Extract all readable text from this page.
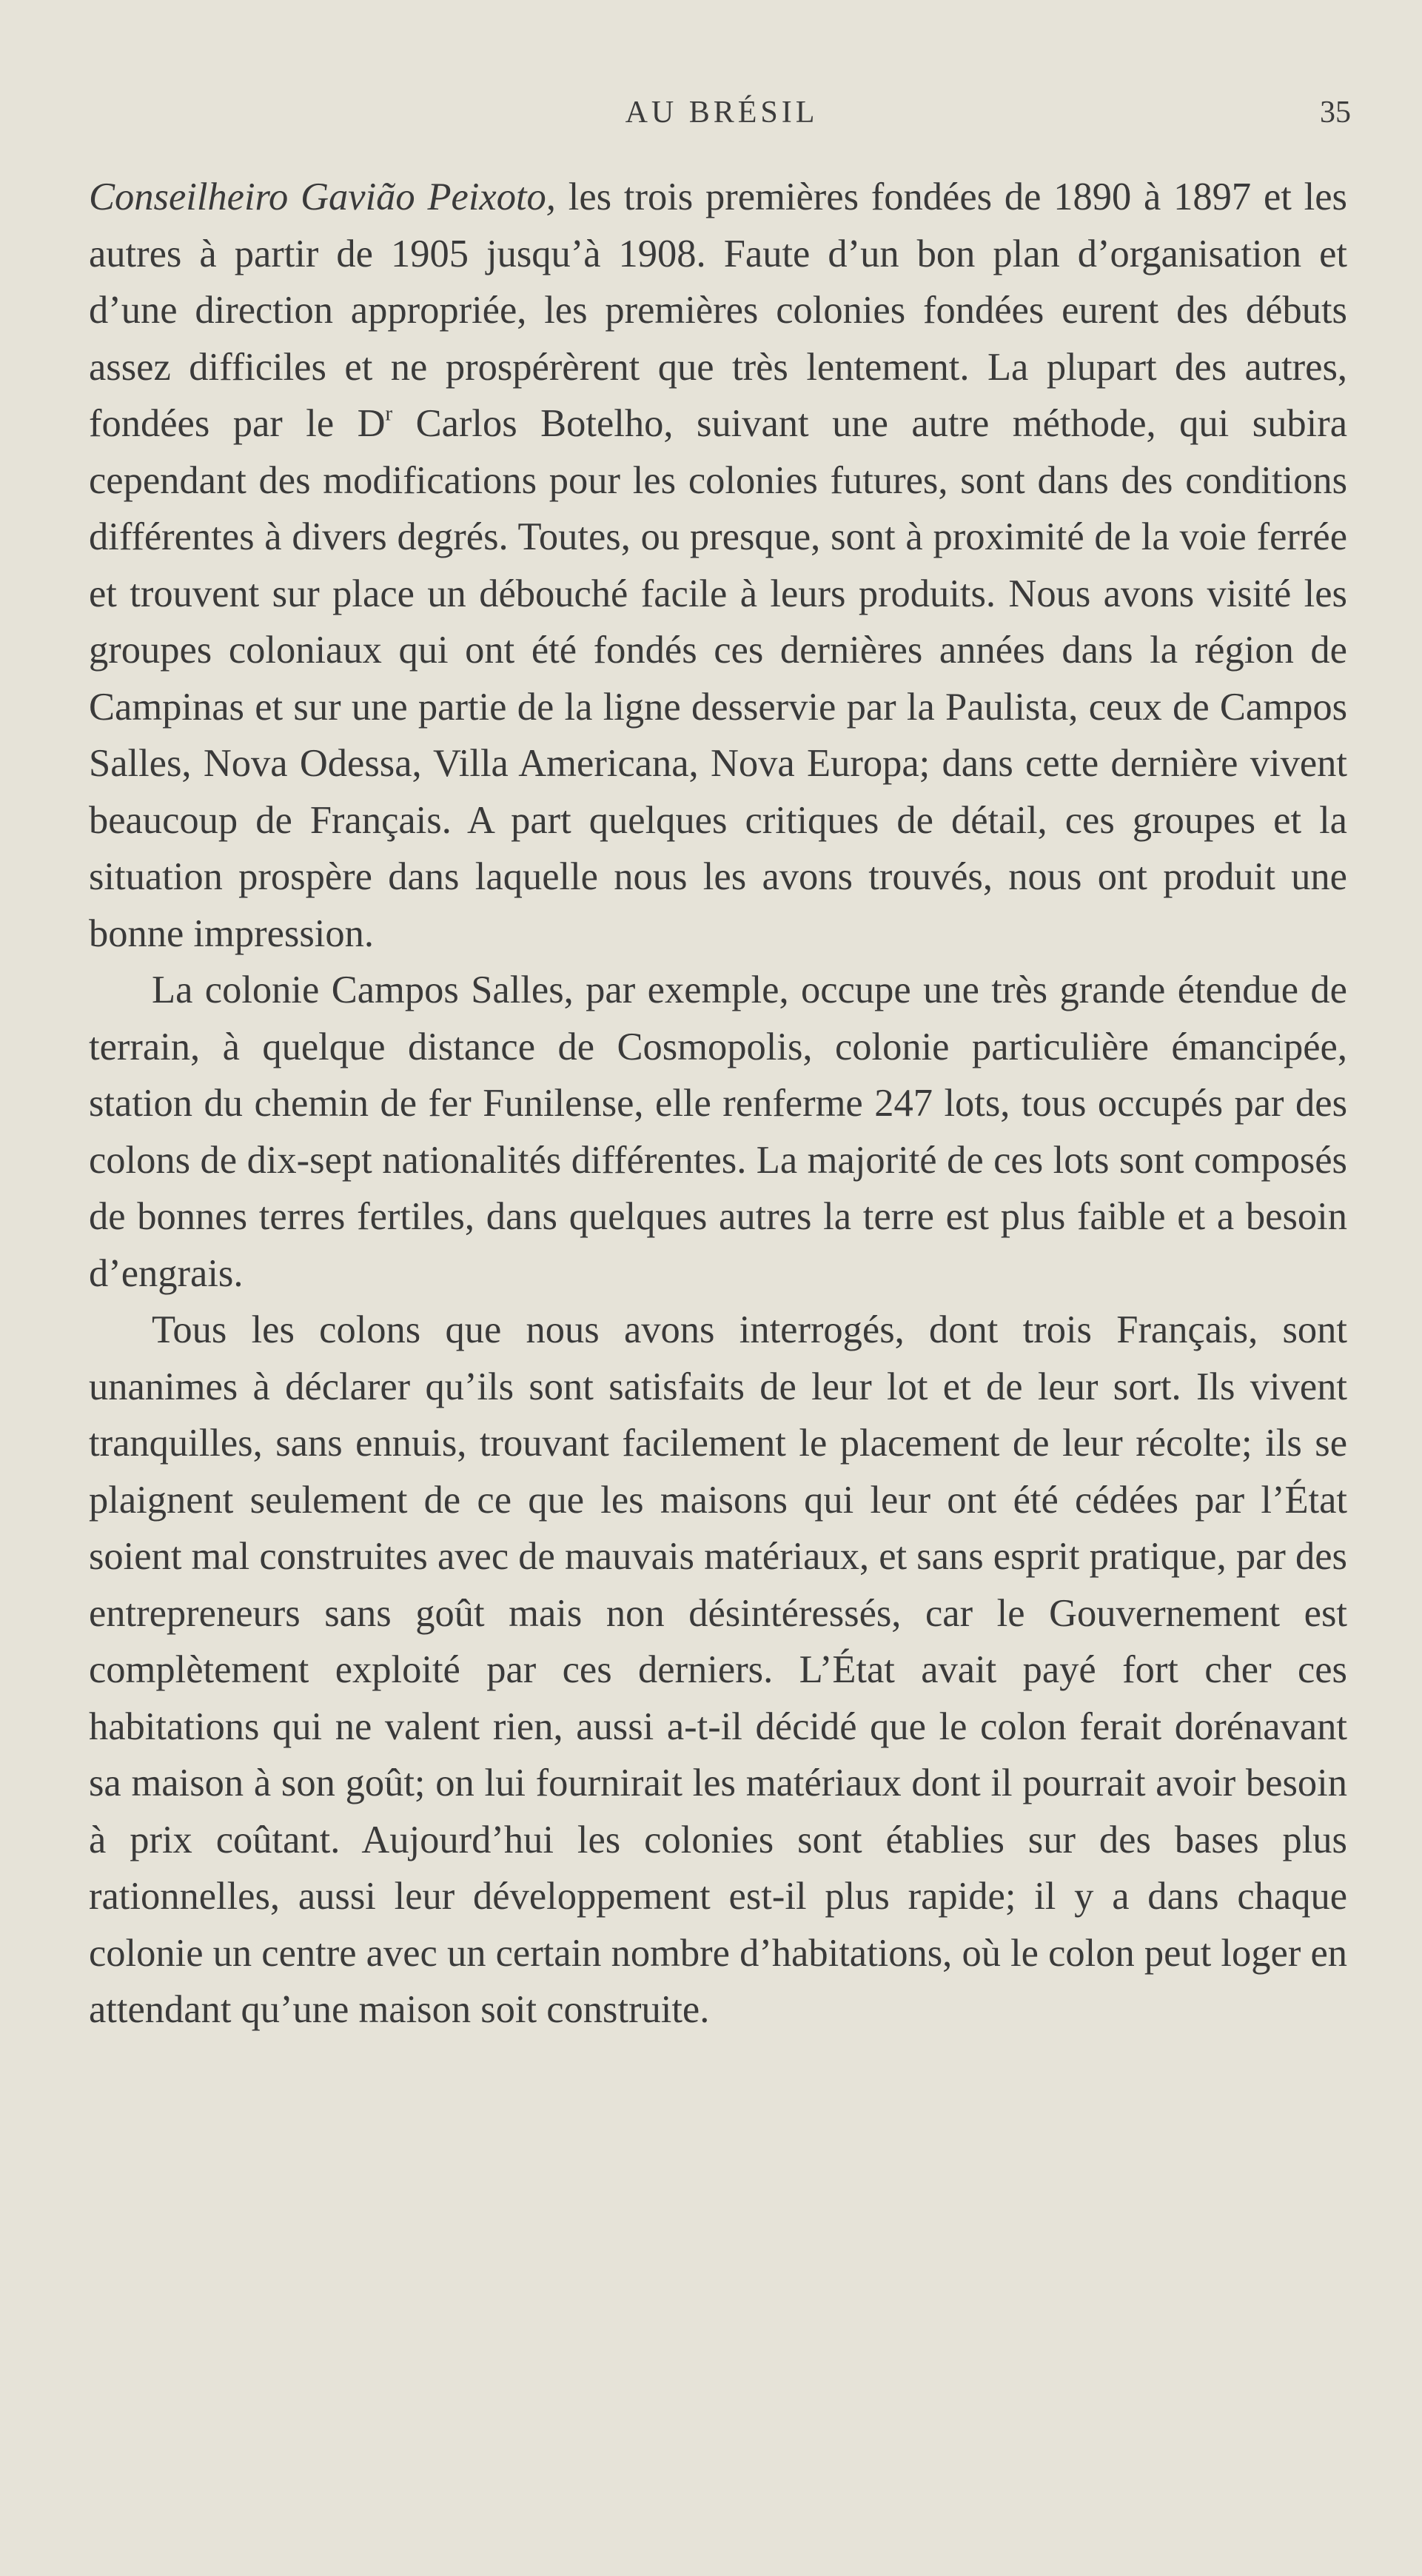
AU BRÉSIL	35

Conseilheiro Gavião Peixoto, les trois premières fondées de 1890 à 1897 et les autres à partir de 1905 jusqu’à 1908. Faute d’un bon plan d’organisation et d’une direction appropriée, les premières colonies fondées eurent des débuts assez difficiles et ne prospérèrent que très lentement. La plupart des autres, fondées par le $D^r$ Carlos Botelho, suivant une autre méthode, qui subira cependant des modifications pour les colonies futures, sont dans des conditions différentes à divers degrés. Toutes, ou presque, sont à proximité de la voie ferrée et trouvent sur place un débouché facile à leurs produits. Nous avons visité les groupes coloniaux qui ont été fondés ces dernières années dans la région de Campinas et sur une partie de la ligne desservie par la Paulista, ceux de Campos Salles, Nova Odessa, Villa Americana, Nova Europa; dans cette dernière vivent beaucoup de Français. A part quelques critiques de détail, ces groupes et la situation prospère dans laquelle nous les avons trouvés, nous ont produit une bonne impression.

La colonie Campos Salles, par exemple, occupe une très grande étendue de terrain, à quelque distance de Cosmopolis, colonie particulière émancipée, station du chemin de fer Funilense, elle renferme 247 lots, tous occupés par des colons de dix-sept nationalités différentes. La majorité de ces lots sont composés de bonnes terres fertiles, dans quelques autres la terre est plus faible et a besoin d’engrais.

Tous les colons que nous avons interrogés, dont trois Français, sont unanimes à déclarer qu’ils sont satisfaits de leur lot et de leur sort. Ils vivent tranquilles, sans ennuis, trouvant facilement le placement de leur récolte; ils se plaignent seulement de ce que les maisons qui leur ont été cédées par l’État soient mal construites avec de mauvais matériaux, et sans esprit pratique, par des entrepreneurs sans goût mais non désintéressés, car le Gouvernement est complètement exploité par ces derniers. L’État avait payé fort cher ces habitations qui ne valent rien, aussi a-t-il décidé que le colon ferait dorénavant sa maison à son goût; on lui fournirait les matériaux dont il pourrait avoir besoin à prix coûtant. Aujourd’hui les colonies sont établies sur des bases plus rationnelles, aussi leur développement est-il plus rapide; il y a dans chaque colonie un centre avec un certain nombre d’habitations, où le colon peut loger en attendant qu’une maison soit construite.
